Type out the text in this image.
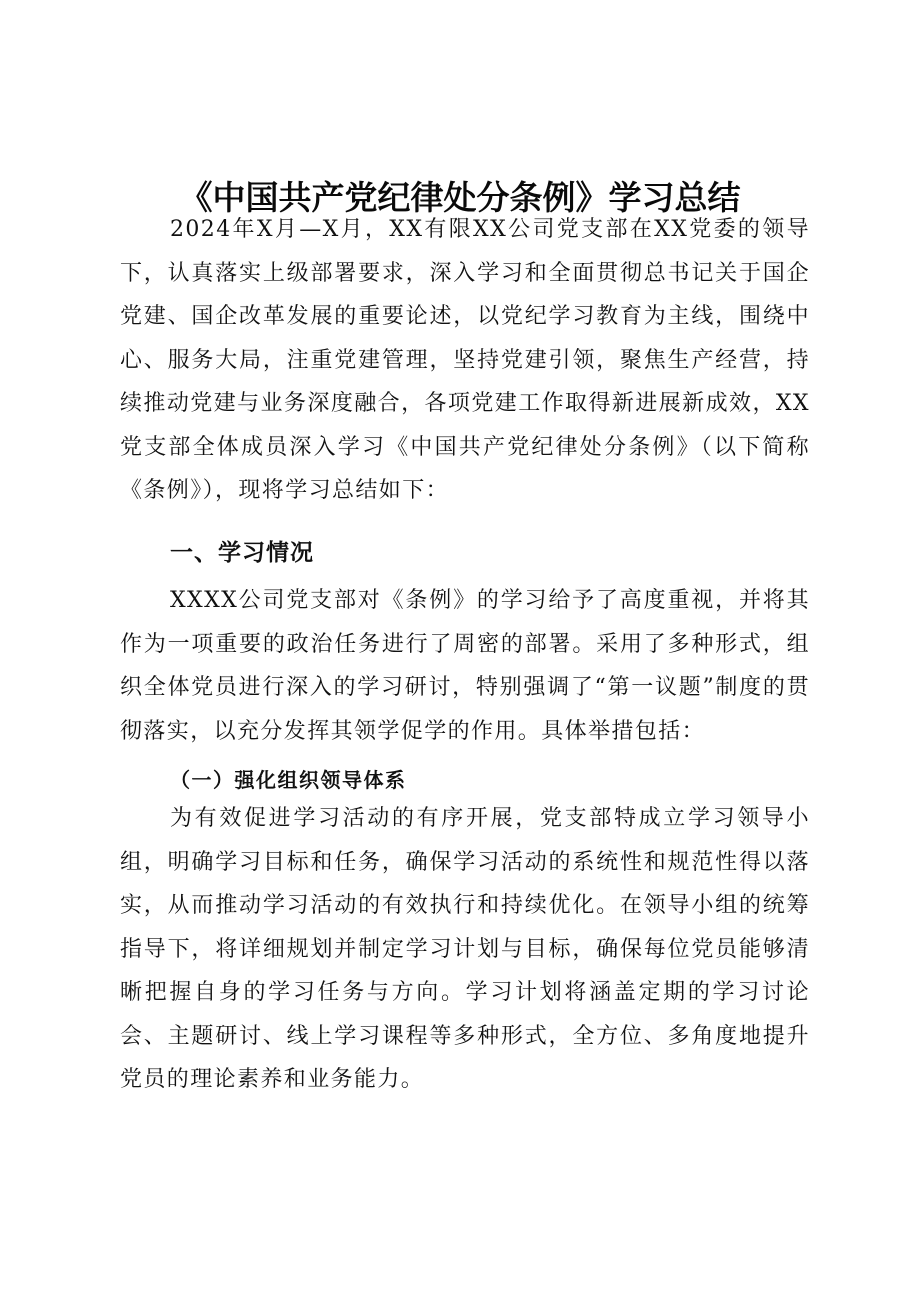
《中国共产党纪律处分条例》学习总结

2024年X月—X月，XX有限XX公司党支部在XX党委的领导下，认真落实上级部署要求，深入学习和全面贯彻总书记关于国企党建、国企改革发展的重要论述，以党纪学习教育为主线，围绕中心、服务大局，注重党建管理，坚持党建引领，聚焦生产经营，持续推动党建与业务深度融合，各项党建工作取得新进展新成效，XX党支部全体成员深入学习《中国共产党纪律处分条例》（以下简称《条例》），现将学习总结如下：

一、学习情况

XXXX公司党支部对《条例》的学习给予了高度重视，并将其作为一项重要的政治任务进行了周密的部署。采用了多种形式，组织全体党员进行深入的学习研讨，特别强调了“第一议题”制度的贯彻落实，以充分发挥其领学促学的作用。具体举措包括：

（一）强化组织领导体系

为有效促进学习活动的有序开展，党支部特成立学习领导小组，明确学习目标和任务，确保学习活动的系统性和规范性得以落实，从而推动学习活动的有效执行和持续优化。在领导小组的统筹指导下，将详细规划并制定学习计划与目标，确保每位党员能够清晰把握自身的学习任务与方向。学习计划将涵盖定期的学习讨论会、主题研讨、线上学习课程等多种形式，全方位、多角度地提升党员的理论素养和业务能力。
